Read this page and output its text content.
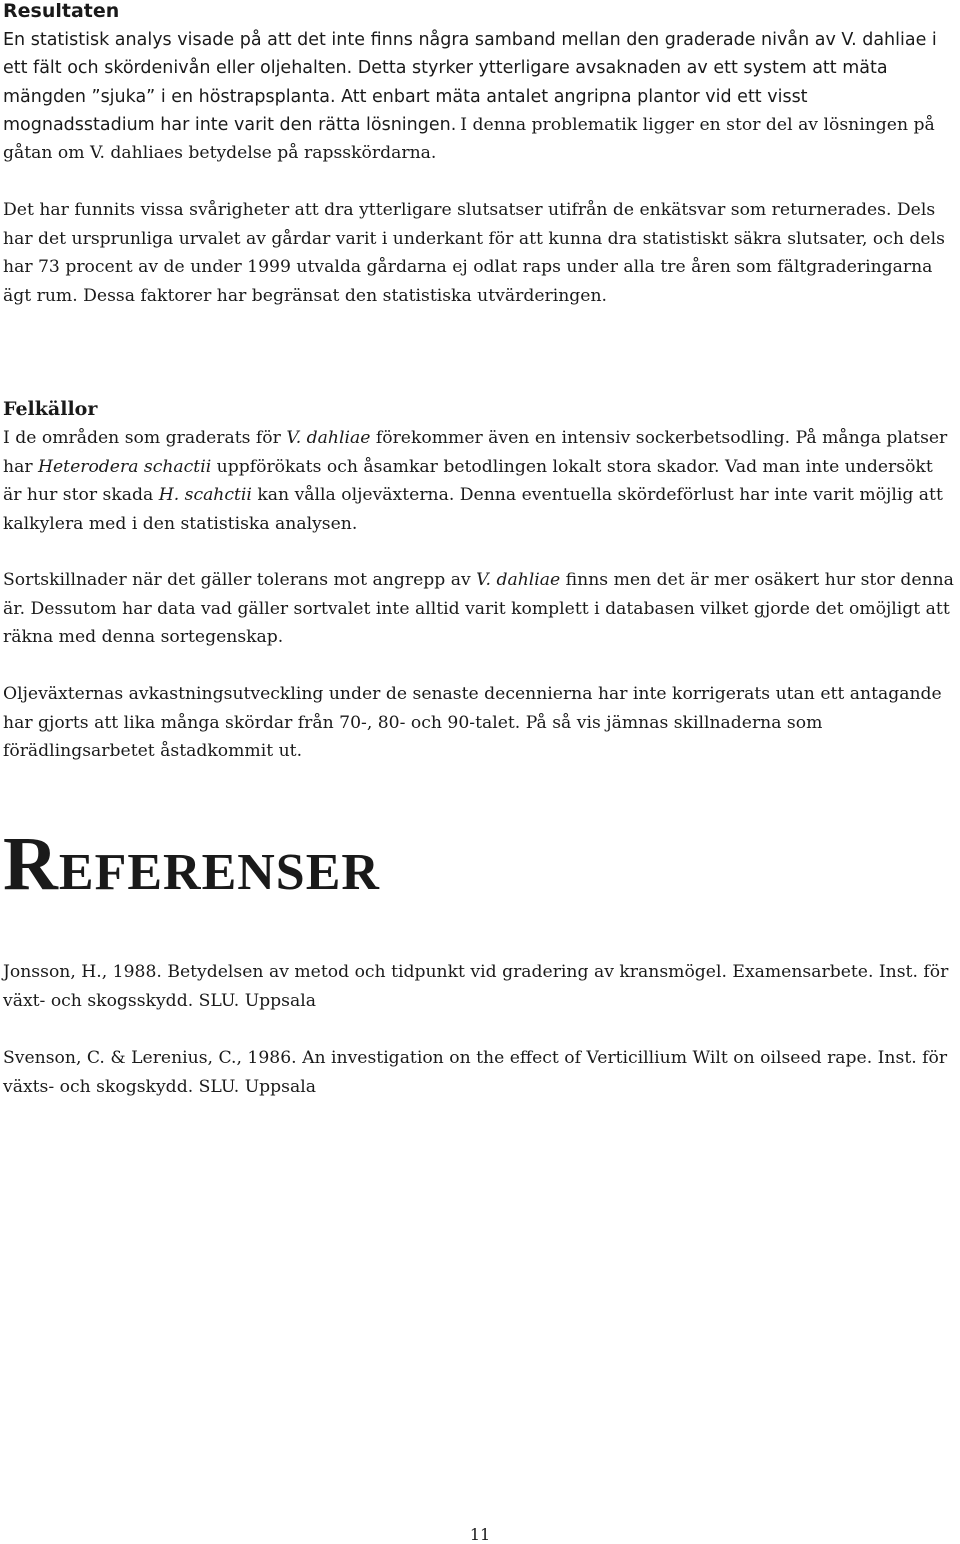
Resultaten

En statistisk analys visade på att det inte finns några samband mellan den graderade nivån av V. dahliae i ett fält och skördenivån eller oljehalten. Detta styrker ytterligare avsaknaden av ett system att mäta mängden ”sjuka” i en höstrapsplanta. Att enbart mäta antalet angripna plantor vid ett visst mognadsstadium har inte varit den rätta lösningen. I denna problematik ligger en stor del av lösningen på gåtan om V. dahliaes betydelse på rapsskördarna.

Det har funnits vissa svårigheter att dra ytterligare slutsatser utifrån de enkätsvar som returnerades. Dels har det ursprunliga urvalet av gårdar varit i underkant för att kunna dra statistiskt säkra slutsater, och dels har 73 procent av de under 1999 utvalda gårdarna ej odlat raps under alla tre åren som fältgraderingarna ägt rum. Dessa faktorer har begränsat den statistiska utvärderingen.

Felkällor

I de områden som graderats för V. dahliae förekommer även en intensiv sockerbetsodling. På många platser har Heterodera schactii uppförökats och åsamkar betodlingen lokalt stora skador. Vad man inte undersökt är hur stor skada H. scahctii kan vålla oljeväxterna. Denna eventuella skördeförlust har inte varit möjlig att kalkylera med i den statistiska analysen.

Sortskillnader när det gäller tolerans mot angrepp av V. dahliae finns men det är mer osäkert hur stor denna är. Dessutom har data vad gäller sortvalet inte alltid varit komplett i databasen vilket gjorde det omöjligt att räkna med denna sortegenskap.

Oljeväxternas avkastningsutveckling under de senaste decennierna har inte korrigerats utan ett antagande har gjorts att lika många skördar från 70-, 80- och 90-talet. På så vis jämnas skillnaderna som förädlingsarbetet åstadkommit ut.

REFERENSER

Jonsson, H., 1988. Betydelsen av metod och tidpunkt vid gradering av kransmögel. Examensarbete. Inst. för växt- och skogsskydd. SLU. Uppsala

Svenson, C. & Lerenius, C., 1986. An investigation on the effect of Verticillium Wilt on oilseed rape. Inst. för växts- och skogskydd. SLU. Uppsala

11
